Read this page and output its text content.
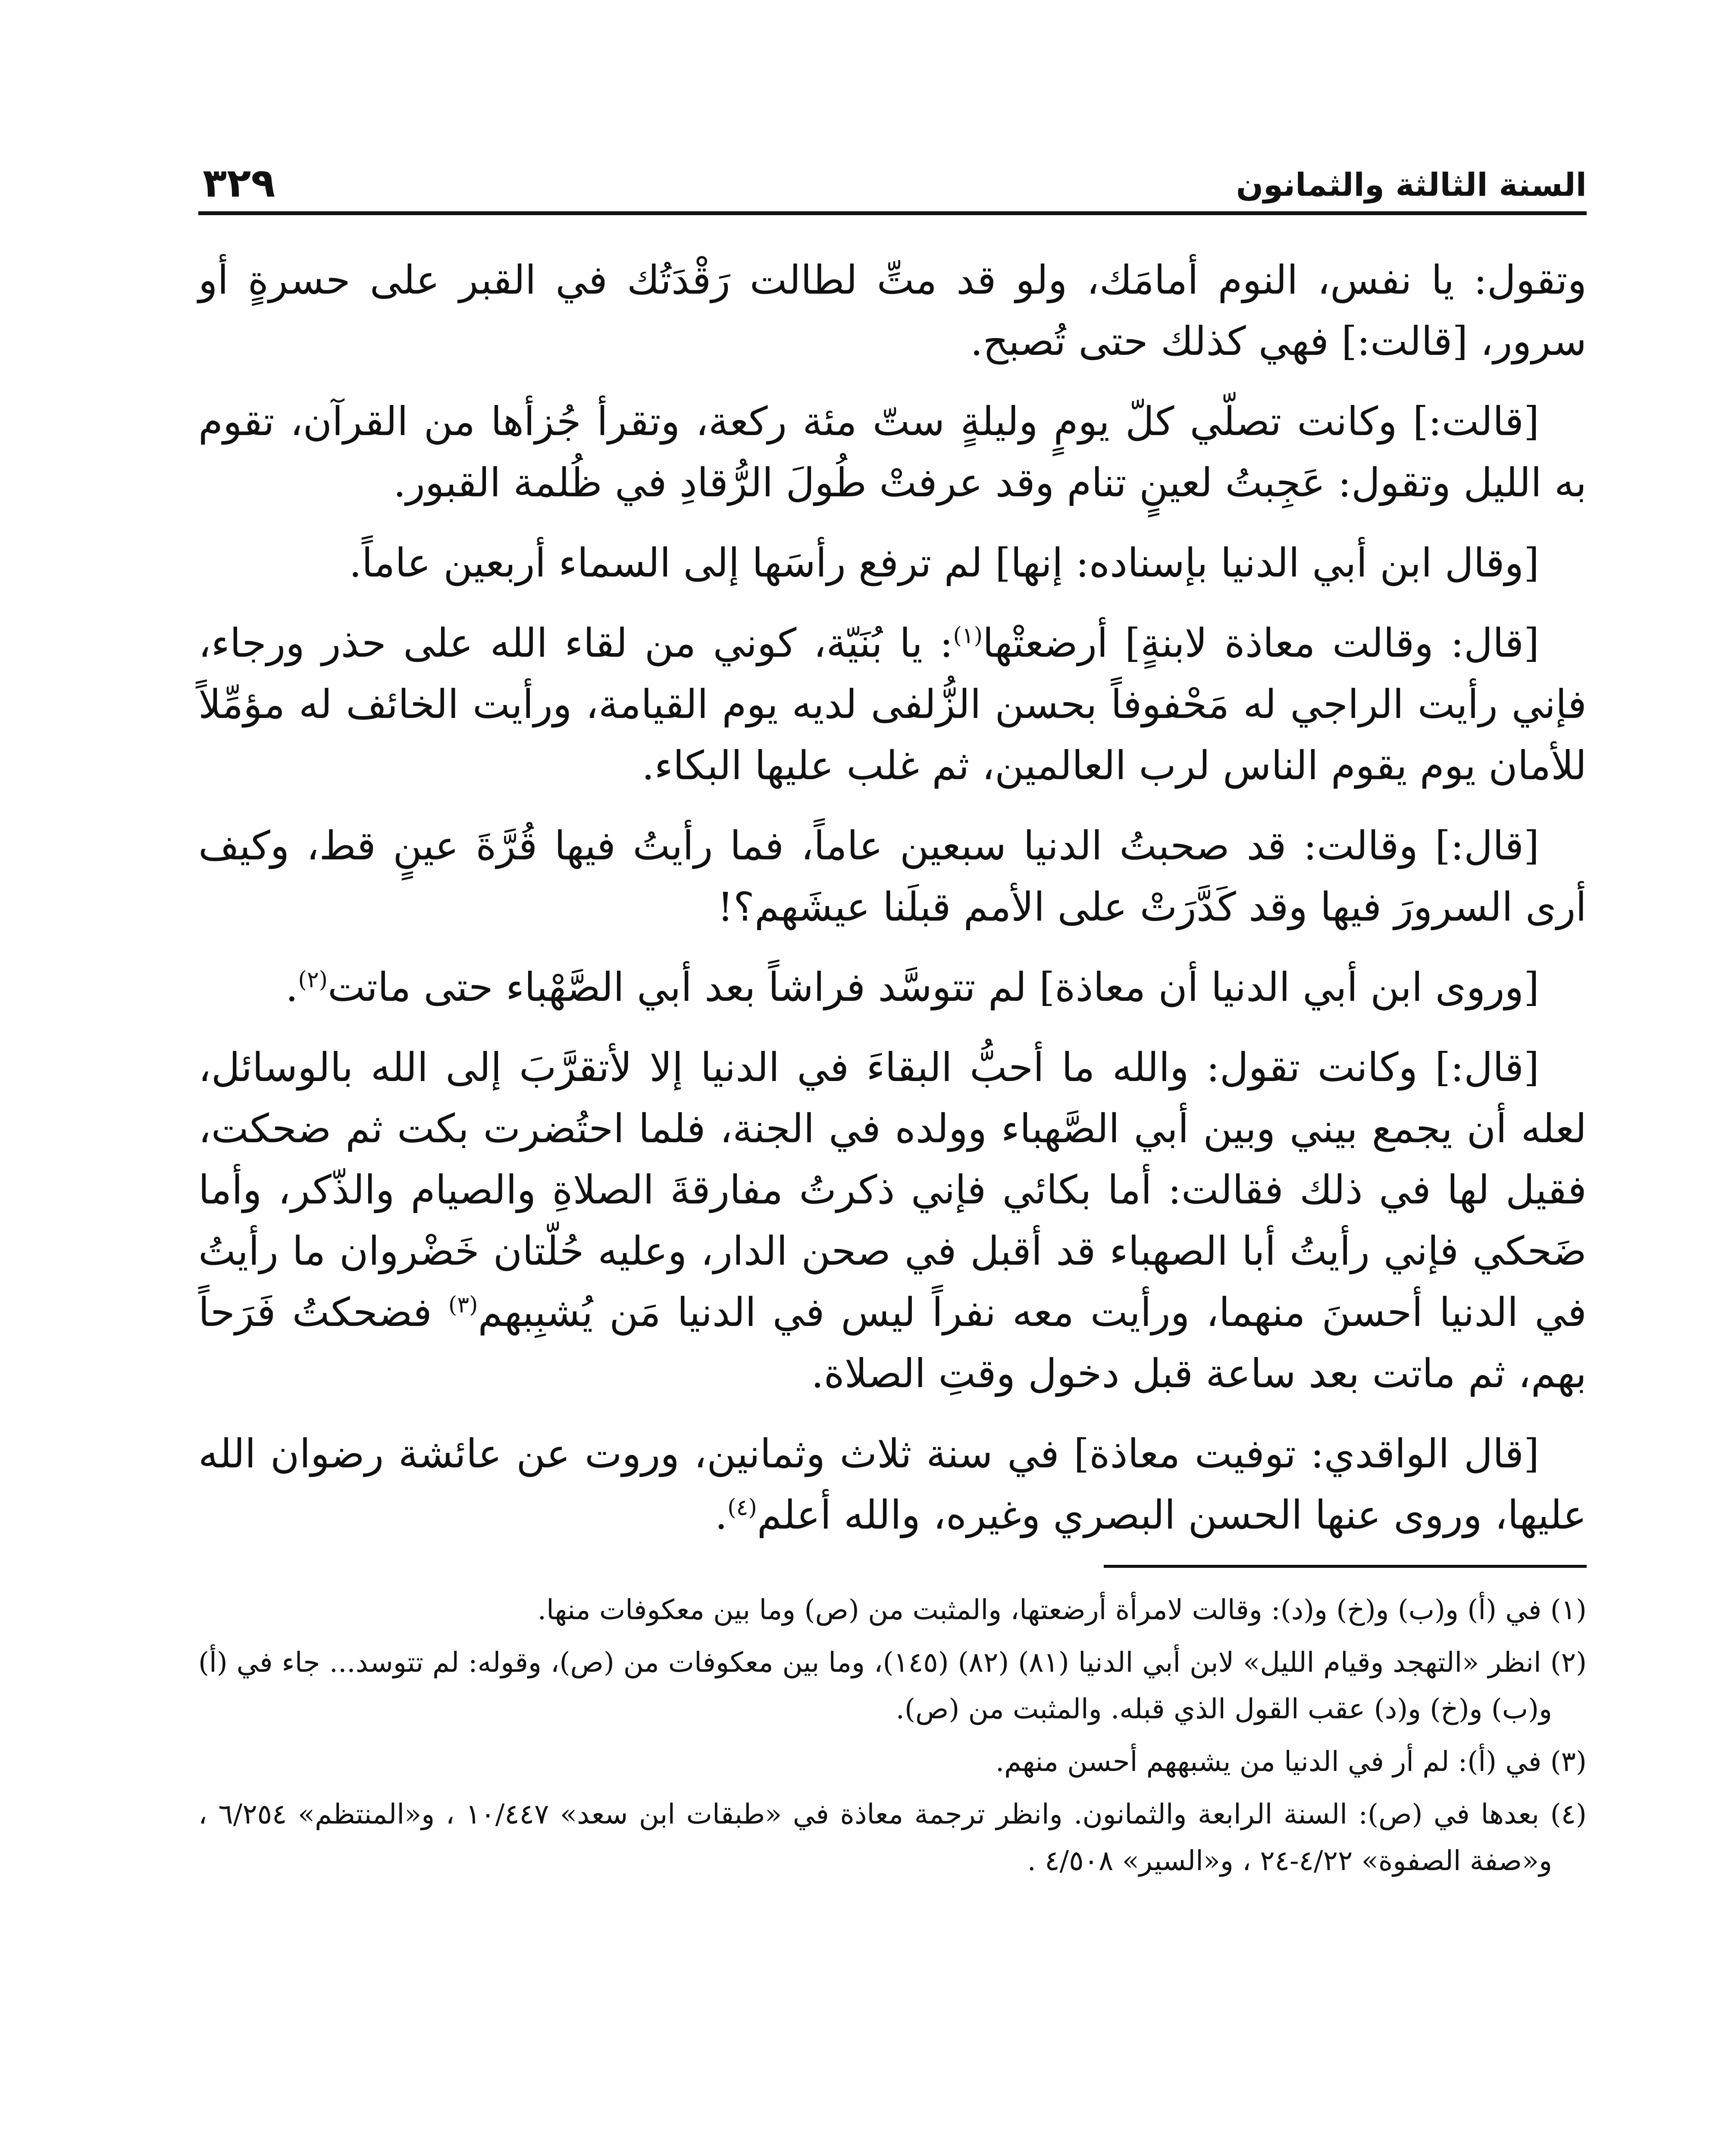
السنة الثالثة والثمانون
٣٢٩

وتقول: يا نفس، النوم أمامَك، ولو قد متِّ لطالت رَقْدَتُك في القبر على حسرةٍ أو سرور، [قالت:] فهي كذلك حتى تُصبح.

[قالت:] وكانت تصلّي كلّ يومٍ وليلةٍ ستّ مئة ركعة، وتقرأ جُزأها من القرآن، تقوم به الليل وتقول: عَجِبتُ لعينٍ تنام وقد عرفتْ طُولَ الرُّقادِ في ظُلمة القبور.

[وقال ابن أبي الدنيا بإسناده: إنها] لم ترفع رأسَها إلى السماء أربعين عاماً.

[قال: وقالت معاذة لابنةٍ] أرضعتْها$^{(١)}$: يا بُنَيّة، كوني من لقاء الله على حذر ورجاء، فإني رأيت الراجي له مَحْفوفاً بحسن الزُّلفى لديه يوم القيامة، ورأيت الخائف له مؤمِّلاً للأمان يوم يقوم الناس لرب العالمين، ثم غلب عليها البكاء.

[قال:] وقالت: قد صحبتُ الدنيا سبعين عاماً، فما رأيتُ فيها قُرَّةَ عينٍ قط، وكيف أرى السرورَ فيها وقد كَدَّرَتْ على الأمم قبلَنا عيشَهم؟!

[وروى ابن أبي الدنيا أن معاذة] لم تتوسَّد فراشاً بعد أبي الصَّهْباء حتى ماتت$^{(٢)}$.

[قال:] وكانت تقول: والله ما أحبُّ البقاءَ في الدنيا إلا لأتقرَّبَ إلى الله بالوسائل، لعله أن يجمع بيني وبين أبي الصَّهباء وولده في الجنة، فلما احتُضرت بكت ثم ضحكت، فقيل لها في ذلك فقالت: أما بكائي فإني ذكرتُ مفارقةَ الصلاةِ والصيام والذّكر، وأما ضَحكي فإني رأيتُ أبا الصهباء قد أقبل في صحن الدار، وعليه حُلّتان خَضْروان ما رأيتُ في الدنيا أحسنَ منهما، ورأيت معه نفراً ليس في الدنيا مَن يُشبِبهم$^{(٣)}$ فضحكتُ فَرَحاً بهم، ثم ماتت بعد ساعة قبل دخول وقتِ الصلاة.

[قال الواقدي: توفيت معاذة] في سنة ثلاث وثمانين، وروت عن عائشة رضوان الله عليها، وروى عنها الحسن البصري وغيره، والله أعلم$^{(٤)}$.

(١) في (أ) و(ب) و(خ) و(د): وقالت لامرأة أرضعتها، والمثبت من (ص) وما بين معكوفات منها.
(٢) انظر «التهجد وقيام الليل» لابن أبي الدنيا (٨١) (٨٢) (١٤٥)، وما بين معكوفات من (ص)، وقوله: لم تتوسد... جاء في (أ) و(ب) و(خ) و(د) عقب القول الذي قبله. والمثبت من (ص).
(٣) في (أ): لم أر في الدنيا من يشبههم أحسن منهم.
(٤) بعدها في (ص): السنة الرابعة والثمانون. وانظر ترجمة معاذة في «طبقات ابن سعد» ١٠/٤٤٧ ، و«المنتظم» ٦/٢٥٤ ، و«صفة الصفوة» ٤/٢٢-٢٤ ، و«السير» ٤/٥٠٨ .
